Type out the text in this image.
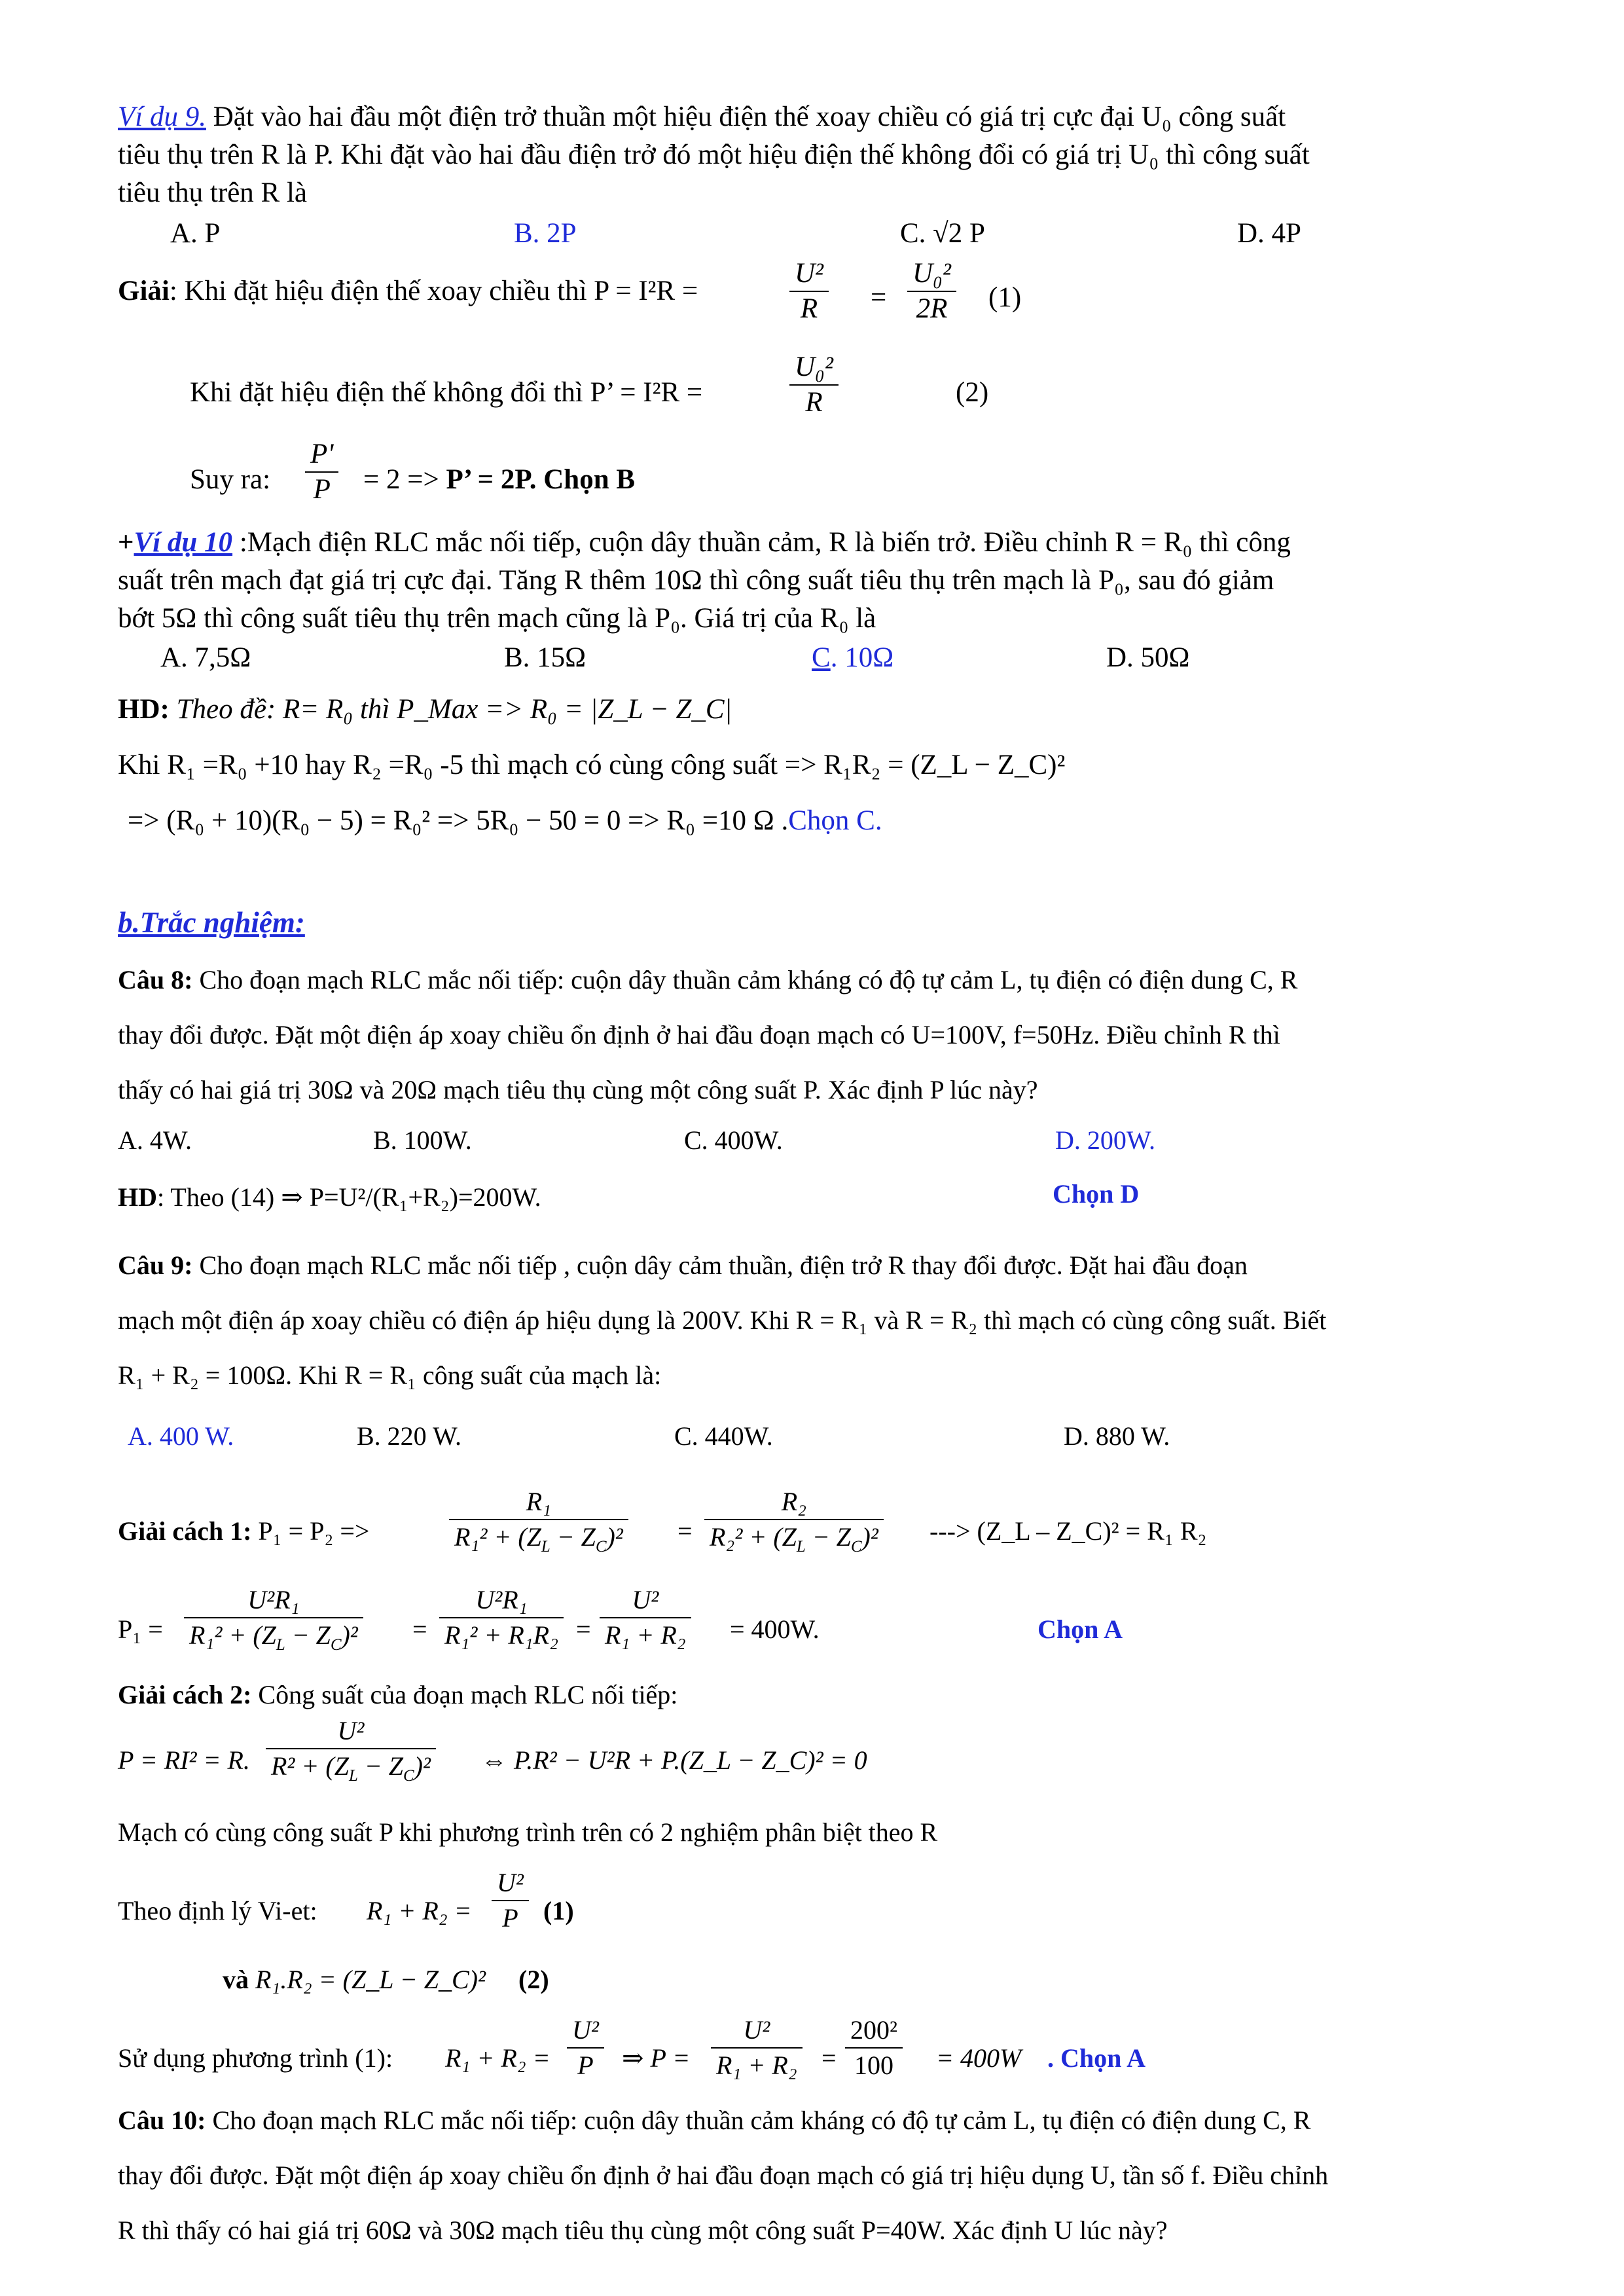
Ví dụ 9. Đặt vào hai đầu một điện trở thuần một hiệu điện thế xoay chiều có giá trị cực đại U₀ công suất
tiêu thụ trên R là P. Khi đặt vào hai đầu điện trở đó một hiệu điện thế không đổi có giá trị U₀ thì công suất
tiêu thụ trên R là
A. P	B. 2P	C. √2 P	D. 4P
Giải: Khi đặt hiệu điện thế xoay chiều thì P = I²R =	$\frac{\text{U²}}{R} = \frac{\text{U₀²}}{2R} (1)$
Khi đặt hiệu điện thế không đổi thì P’ = I²R =	$\frac{\text{U₀²}}{R}$	(2)
Suy ra: $\frac{P'}{P} = 2 => P$’ = 2P. Chọn B
+Ví dụ 10 :Mạch điện RLC mắc nối tiếp, cuộn dây thuần cảm, R là biến trở. Điều chỉnh R = R₀ thì công
suất trên mạch đạt giá trị cực đại. Tăng R thêm 10Ω thì công suất tiêu thụ trên mạch là P₀, sau đó giảm
bớt 5Ω thì công suất tiêu thụ trên mạch cũng là P₀. Giá trị của R₀ là
A. 7,5Ω	B. 15Ω	C. 10Ω	D. 50Ω
HD: Theo đề: R= R₀ thì P_Max => R₀ = |Z_L − Z_C|
Khi R₁ =R₀ +10 hay R₂ =R₀ -5 thì mạch có cùng công suất => R₁R₂ = (Z_L − Z_C)²
=> (R₀ + 10)(R₀ − 5) = R₀² => 5R₀ − 50 = 0 => R₀ =10 Ω .Chọn C.
b.Trắc nghiệm:
Câu 8: Cho đoạn mạch RLC mắc nối tiếp: cuộn dây thuần cảm kháng có độ tự cảm L, tụ điện có điện dung C, R
thay đổi được. Đặt một điện áp xoay chiều ổn định ở hai đầu đoạn mạch có U=100V, f=50Hz. Điều chỉnh R thì
thấy có hai giá trị 30Ω và 20Ω mạch tiêu thụ cùng một công suất P. Xác định P lúc này?
A. 4W.	B. 100W.	C. 400W.	D. 200W.
HD: Theo (14) ⇒ P=U²/(R₁+R₂)=200W.	Chọn D
Câu 9: Cho đoạn mạch RLC mắc nối tiếp , cuộn dây cảm thuần, điện trở R thay đổi được. Đặt hai đầu đoạn
mạch một điện áp xoay chiều có điện áp hiệu dụng là 200V. Khi R = R₁ và R = R₂ thì mạch có cùng công suất. Biết
R₁ + R₂ = 100Ω. Khi R = R₁ công suất của mạch là:
A. 400 W.	B. 220 W.	C. 440W.	D. 880 W.
Giải cách 1: P₁ = P₂ =>	$\frac{\text{R₁}}{R_1^2 + (Z_L - Z_C)^2} = \frac{\text{R₂}}{R_2^2 + (Z_L - Z_C)^2}$ ---> (Z_L – Z_C)² = R₁ R₂
$P_1 = \frac{\text{U²R₁}}{R_1^2 + (Z_L - Z_C)^2} = \frac{\text{U²R₁}}{\text{R₁² + R₁R₂}} = \frac{\text{U²}}{\text{R₁ + R₂}} = 400W$.	Chọn A
Giải cách 2: Công suất của đoạn mạch RLC nối tiếp:
P = RI² = R. $\frac{\text{U²}}{R^2 + (Z_L - Z_C)^2}$ ⇔ P.R² − U²R + P.(Z_L − Z_C)² = 0
Mạch có cùng công suất P khi phương trình trên có 2 nghiệm phân biệt theo R
Theo định lý Vi-et: $R_1 + R_2 = \frac{\text{U²}}{P} (1)$
và R₁.R₂ = (Z_L − Z_C)² (2)
Sử dụng phương trình (1): $R_1 + R_2 = \frac{\text{U²}}{P}$ ⇒ $P = \frac{\text{U²}}{\text{R₁ + R₂}} = \frac{\text{200²}}{100} = 400W$ . Chọn A
Câu 10: Cho đoạn mạch RLC mắc nối tiếp: cuộn dây thuần cảm kháng có độ tự cảm L, tụ điện có điện dung C, R
thay đổi được. Đặt một điện áp xoay chiều ổn định ở hai đầu đoạn mạch có giá trị hiệu dụng U, tần số f. Điều chỉnh
R thì thấy có hai giá trị 60Ω và 30Ω mạch tiêu thụ cùng một công suất P=40W. Xác định U lúc này?
